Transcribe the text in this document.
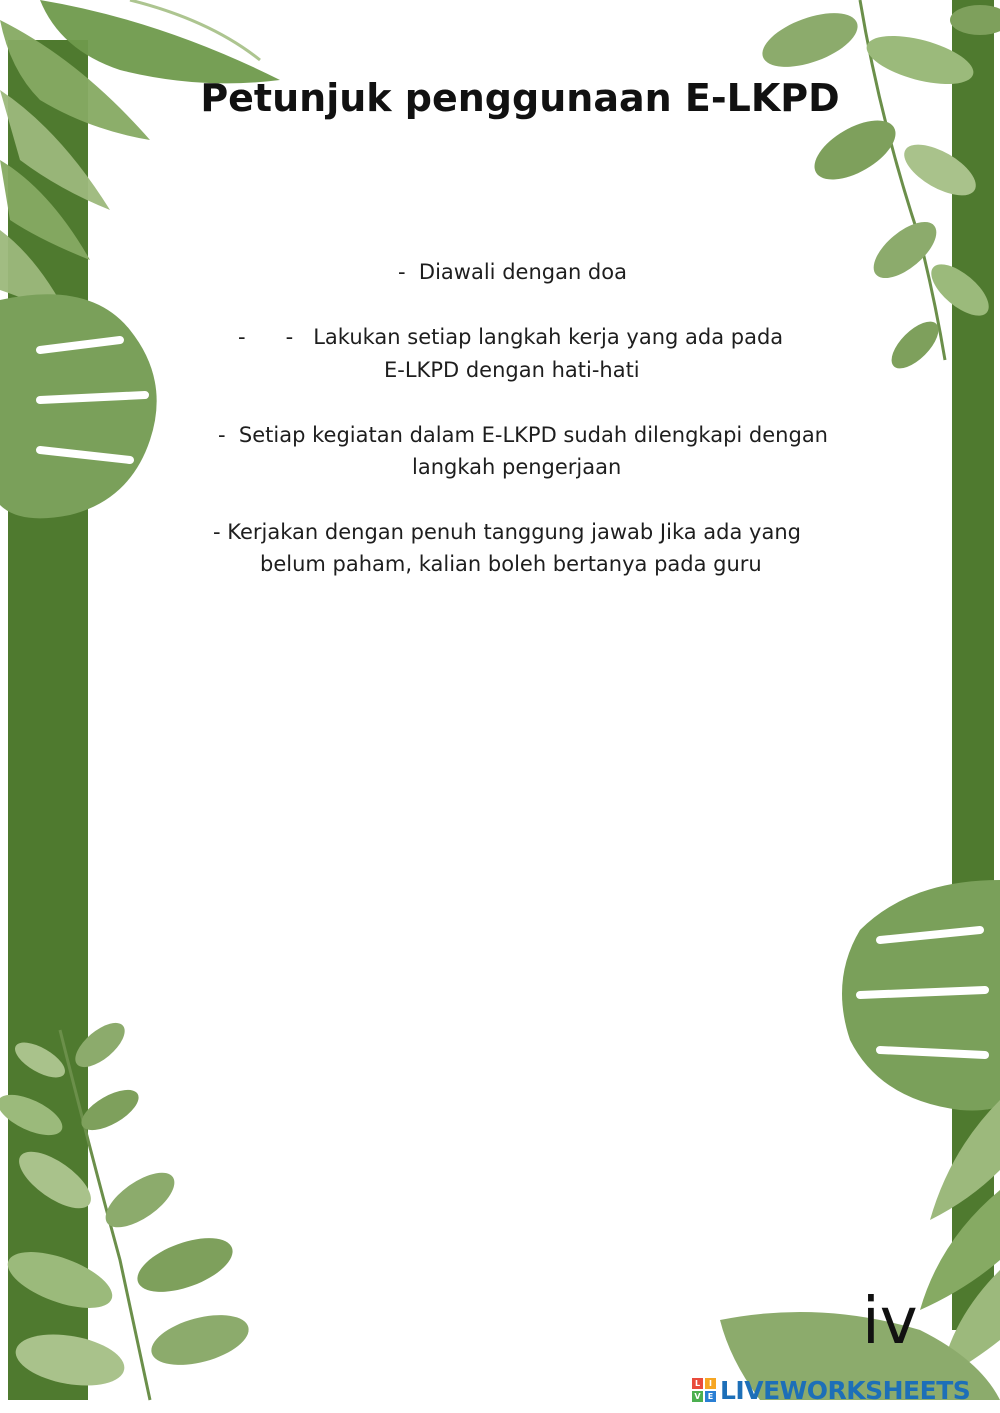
Petunjuk penggunaan E-LKPD

-  Diawali dengan doa

-      -   Lakukan setiap langkah kerja yang ada pada

E-LKPD dengan hati-hati

-  Setiap kegiatan dalam E-LKPD sudah dilengkapi dengan

langkah pengerjaan

- Kerjakan dengan penuh tanggung jawab Jika ada yang

belum paham, kalian boleh bertanya pada guru

iv

L	I
V E LIVEWORKSHEETS
